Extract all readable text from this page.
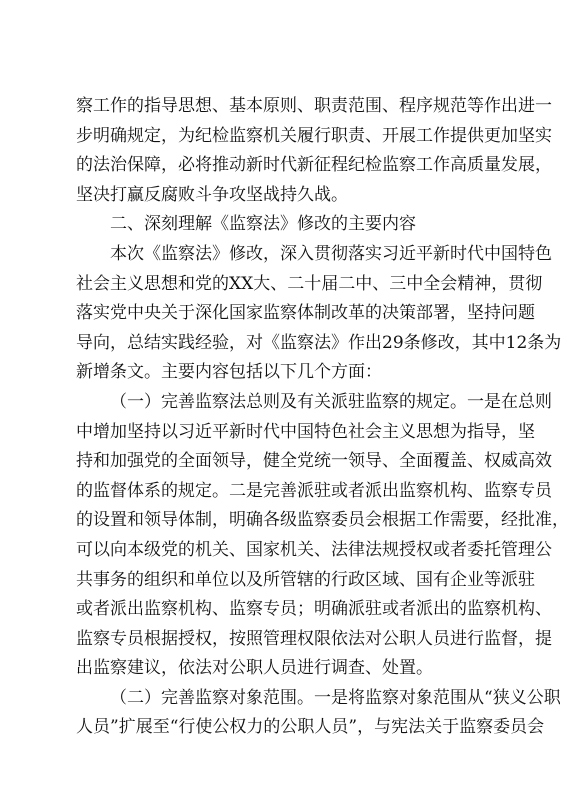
察工作的指导思想、基本原则、职责范围、程序规范等作出进一
步明确规定，为纪检监察机关履行职责、开展工作提供更加坚实
的法治保障，必将推动新时代新征程纪检监察工作高质量发展，
坚决打赢反腐败斗争攻坚战持久战。
二、深刻理解《监察法》修改的主要内容
本次《监察法》修改，深入贯彻落实习近平新时代中国特色
社会主义思想和党的XX大、二十届二中、三中全会精神，贯彻
落实党中央关于深化国家监察体制改革的决策部署，坚持问题
导向，总结实践经验，对《监察法》作出29条修改，其中12条为
新增条文。主要内容包括以下几个方面：
（一）完善监察法总则及有关派驻监察的规定。一是在总则
中增加坚持以习近平新时代中国特色社会主义思想为指导，坚
持和加强党的全面领导，健全党统一领导、全面覆盖、权威高效
的监督体系的规定。二是完善派驻或者派出监察机构、监察专员
的设置和领导体制，明确各级监察委员会根据工作需要，经批准，
可以向本级党的机关、国家机关、法律法规授权或者委托管理公
共事务的组织和单位以及所管辖的行政区域、国有企业等派驻
或者派出监察机构、监察专员；明确派驻或者派出的监察机构、
监察专员根据授权，按照管理权限依法对公职人员进行监督，提
出监察建议，依法对公职人员进行调查、处置。
（二）完善监察对象范围。一是将监察对象范围从“狭义公职
人员”扩展至“行使公权力的公职人员”，与宪法关于监察委员会
